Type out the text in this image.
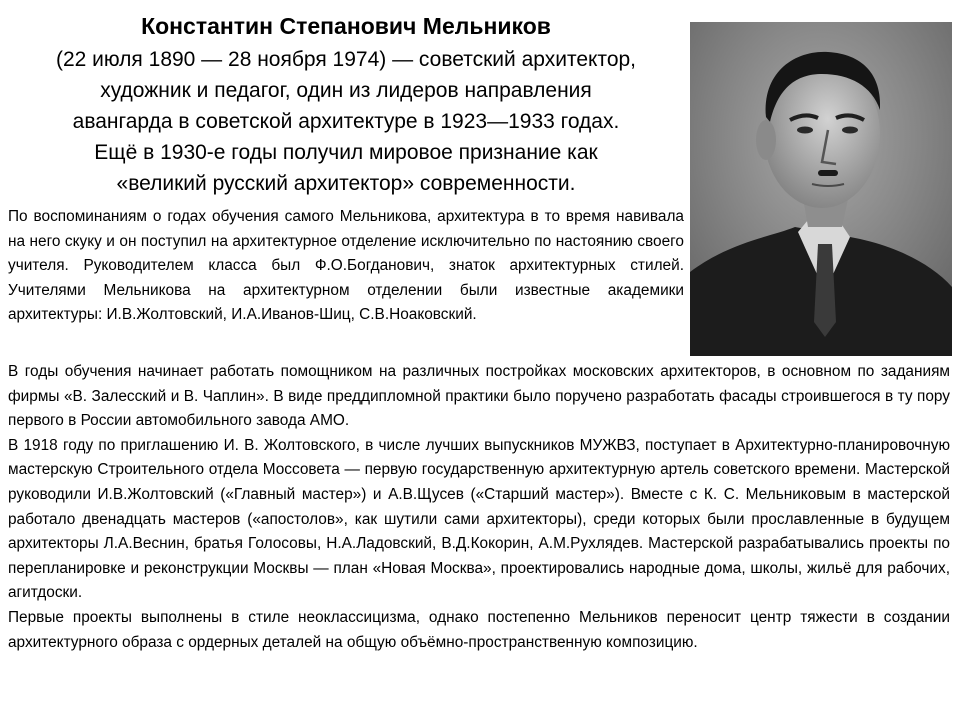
Константин Степанович Мельников
(22 июля 1890 — 28 ноября 1974) — советский архитектор,
художник и педагог, один из лидеров направления
авангарда в советской архитектуре в 1923—1933 годах.
Ещё в 1930-е годы получил мировое признание как
«великий русский архитектор» современности.

По воспоминаниям о годах обучения самого Мельникова, архитектура в то время навивала на него скуку и он поступил на архитектурное отделение исключительно по настоянию своего учителя. Руководителем класса был Ф.О.Богданович, знаток архитектурных стилей. Учителями Мельникова на архитектурном отделении были известные академики архитектуры: И.В.Жолтовский, И.А.Иванов-Шиц, С.В.Ноаковский.

В годы обучения начинает работать помощником на различных постройках московских архитекторов, в основном по заданиям фирмы «В. Залесский и В. Чаплин». В виде преддипломной практики было поручено разработать фасады строившегося в ту пору первого в России автомобильного завода АМО.

В 1918 году по приглашению И. В. Жолтовского, в числе лучших выпускников МУЖВЗ, поступает в Архитектурно-планировочную мастерскую Строительного отдела Моссовета — первую государственную архитектурную артель советского времени. Мастерской руководили И.В.Жолтовский («Главный мастер») и А.В.Щусев («Старший мастер»). Вместе с К. С. Мельниковым в мастерской работало двенадцать мастеров («апостолов», как шутили сами архитекторы), среди которых были прославленные в будущем архитекторы Л.А.Веснин, братья Голосовы, Н.А.Ладовский, В.Д.Кокорин, А.М.Рухлядев. Мастерской разрабатывались проекты по перепланировке и реконструкции Москвы — план «Новая Москва», проектировались народные дома, школы, жильё для рабочих, агитдоски.

Первые проекты выполнены в стиле неоклассицизма, однако постепенно Мельников переносит центр тяжести в создании архитектурного образа с ордерных деталей на общую объёмно-пространственную композицию.
